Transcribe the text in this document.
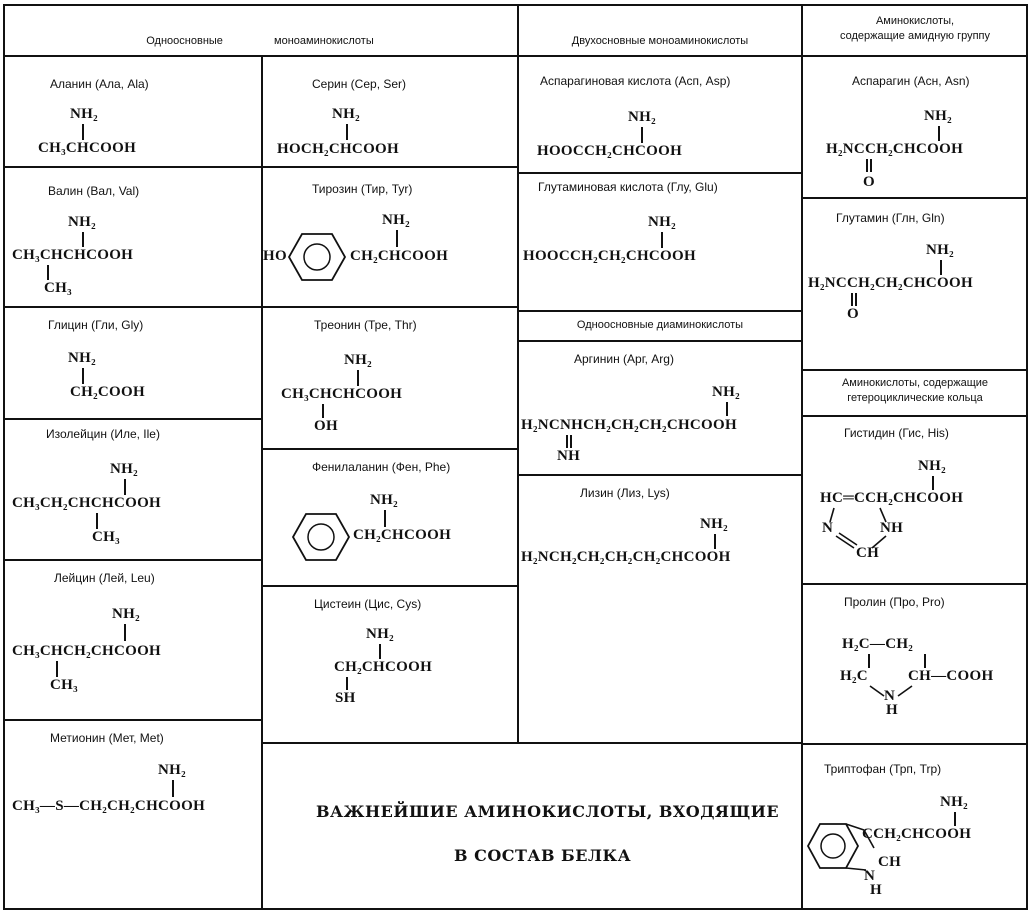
Одноосновные	моноаминокислоты	Двухосновные моноаминокислоты
Аминокислоты,
содержащие амидную группу
Одноосновные диаминокислоты
Аминокислоты, содержащие
гетероциклические кольца
Аланин (Ала, Ala)
NH₂
CH₃CHCOOH
Валин (Вал, Val)
NH₂
CH₃CHCHCOOH
CH₃
Глицин (Гли, Gly)
NH₂
CH₂COOH
Изолейцин (Иле, Ile)
NH₂
CH₃CH₂CHCHCOOH
CH₃
Лейцин (Лей, Leu)
NH₂
CH₃CHCH₂CHCOOH
CH₃
Метионин (Мет, Met)
NH₂
CH₃—S—CH₂CH₂CHCOOH
Серин (Сер, Ser)
NH₂
HOCH₂CHCOOH
Тирозин (Тир, Tyr)
NH₂
HO	CH₂CHCOOH
Треонин (Тре, Thr)
NH₂
CH₃CHCHCOOH
OH
Фенилаланин (Фен, Phe)
NH₂
CH₂CHCOOH
Цистеин (Цис, Cys)
NH₂
CH₂CHCOOH
SH
Аспарагиновая кислота (Асп, Asp)
NH₂
HOOCCH₂CHCOOH
Глутаминовая кислота (Глу, Glu)
NH₂
HOOCCH₂CH₂CHCOOH
Аргинин (Арг, Arg)
NH₂
H₂NCNHCH₂CH₂CH₂CHCOOH
NH
Лизин (Лиз, Lys)
NH₂
H₂NCH₂CH₂CH₂CH₂CHCOOH
Аспарагин (Асн, Asn)
NH₂
H₂NCCH₂CHCOOH
O
Глутамин (Глн, Gln)
NH₂
H₂NCCH₂CH₂CHCOOH
O
Гистидин (Гис, His)
NH₂
HC═CCH₂CHCOOH
N	NH
CH
Пролин (Про, Pro)
H₂C—CH₂
H₂C	CH—COOH
N
H
Триптофан (Трп, Trp)
NH₂
CCH₂CHCOOH
CH
N
H
ВАЖНЕЙШИЕ АМИНОКИСЛОТЫ, ВХОДЯЩИЕ
В СОСТАВ БЕЛКА
